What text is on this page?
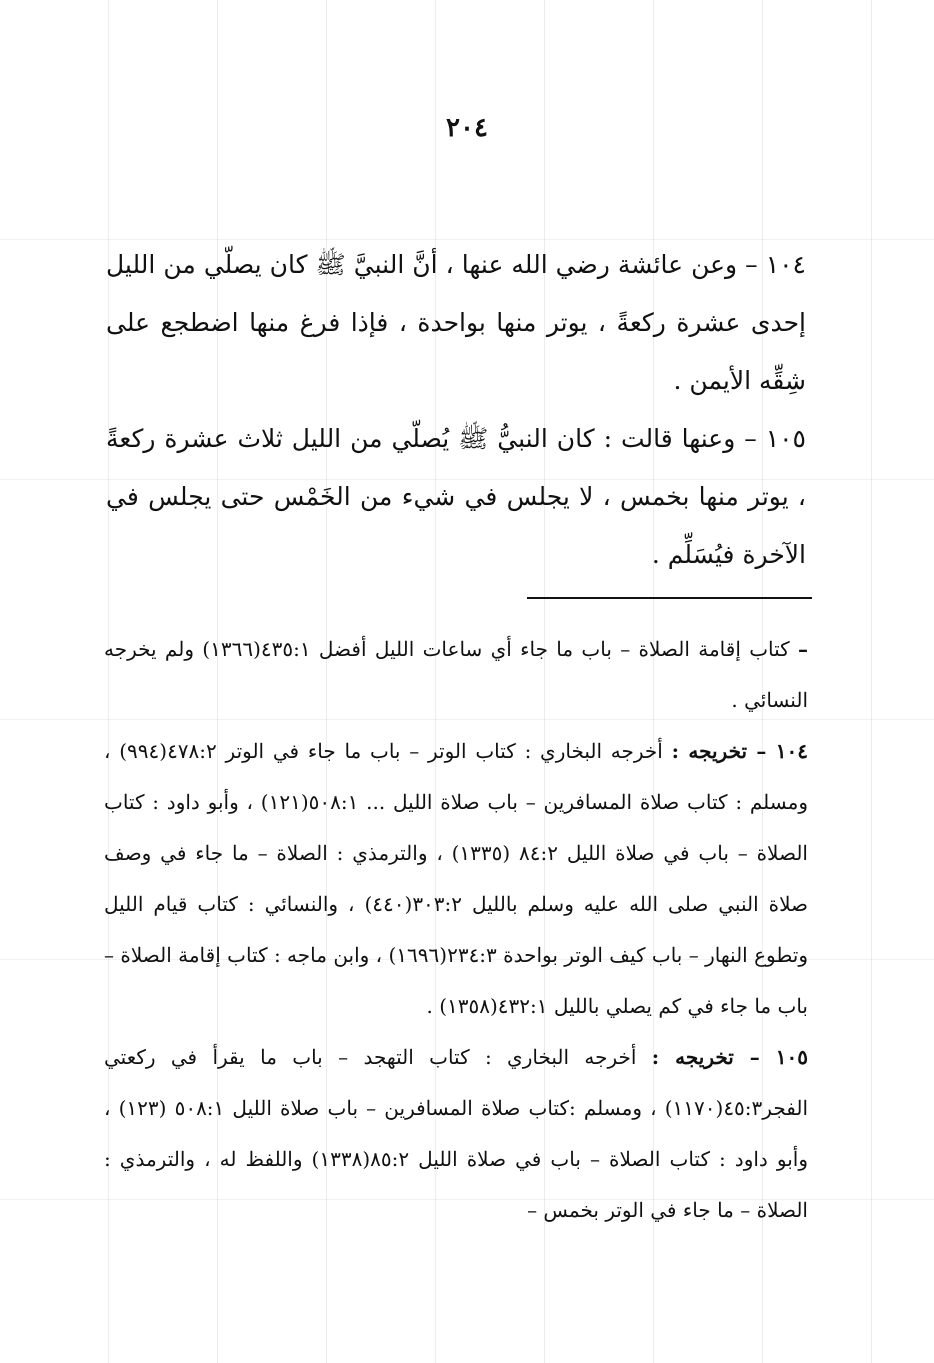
٢٠٤

١٠٤ – وعن عائشة رضي الله عنها ، أنَّ النبيَّ ﷺ كان يصلّي من الليل إحدى عشرة ركعةً ، يوتر منها بواحدة ، فإذا فرغ منها اضطجع على شِقِّه الأيمن .

١٠٥ – وعنها قالت : كان النبيُّ ﷺ يُصلّي من الليل ثلاث عشرة ركعةً ، يوتر منها بخمس ، لا يجلس في شيء من الخَمْس حتى يجلس في الآخرة فيُسَلِّم .

– كتاب إقامة الصلاة – باب ما جاء أي ساعات الليل أفضل ٤٣٥:١(١٣٦٦) ولم يخرجه النسائي .

١٠٤ – تخريجه : أخرجه البخاري : كتاب الوتر – باب ما جاء في الوتر ٤٧٨:٢(٩٩٤) ، ومسلم : كتاب صلاة المسافرين – باب صلاة الليل ... ٥٠٨:١(١٢١) ، وأبو داود : كتاب الصلاة – باب في صلاة الليل ٨٤:٢ (١٣٣٥) ، والترمذي : الصلاة – ما جاء في وصف صلاة النبي صلى الله عليه وسلم بالليل ٣٠٣:٢(٤٤٠) ، والنسائي : كتاب قيام الليل وتطوع النهار – باب كيف الوتر بواحدة ٢٣٤:٣(١٦٩٦) ، وابن ماجه : كتاب إقامة الصلاة – باب ما جاء في كم يصلي بالليل ٤٣٢:١(١٣٥٨) .

١٠٥ – تخريجه : أخرجه البخاري : كتاب التهجد – باب ما يقرأ في ركعتي الفجر٤٥:٣(١١٧٠) ، ومسلم :كتاب صلاة المسافرين – باب صلاة الليل ٥٠٨:١ (١٢٣) ، وأبو داود : كتاب الصلاة – باب في صلاة الليل ٨٥:٢(١٣٣٨) واللفظ له ، والترمذي : الصلاة – ما جاء في الوتر بخمس –
